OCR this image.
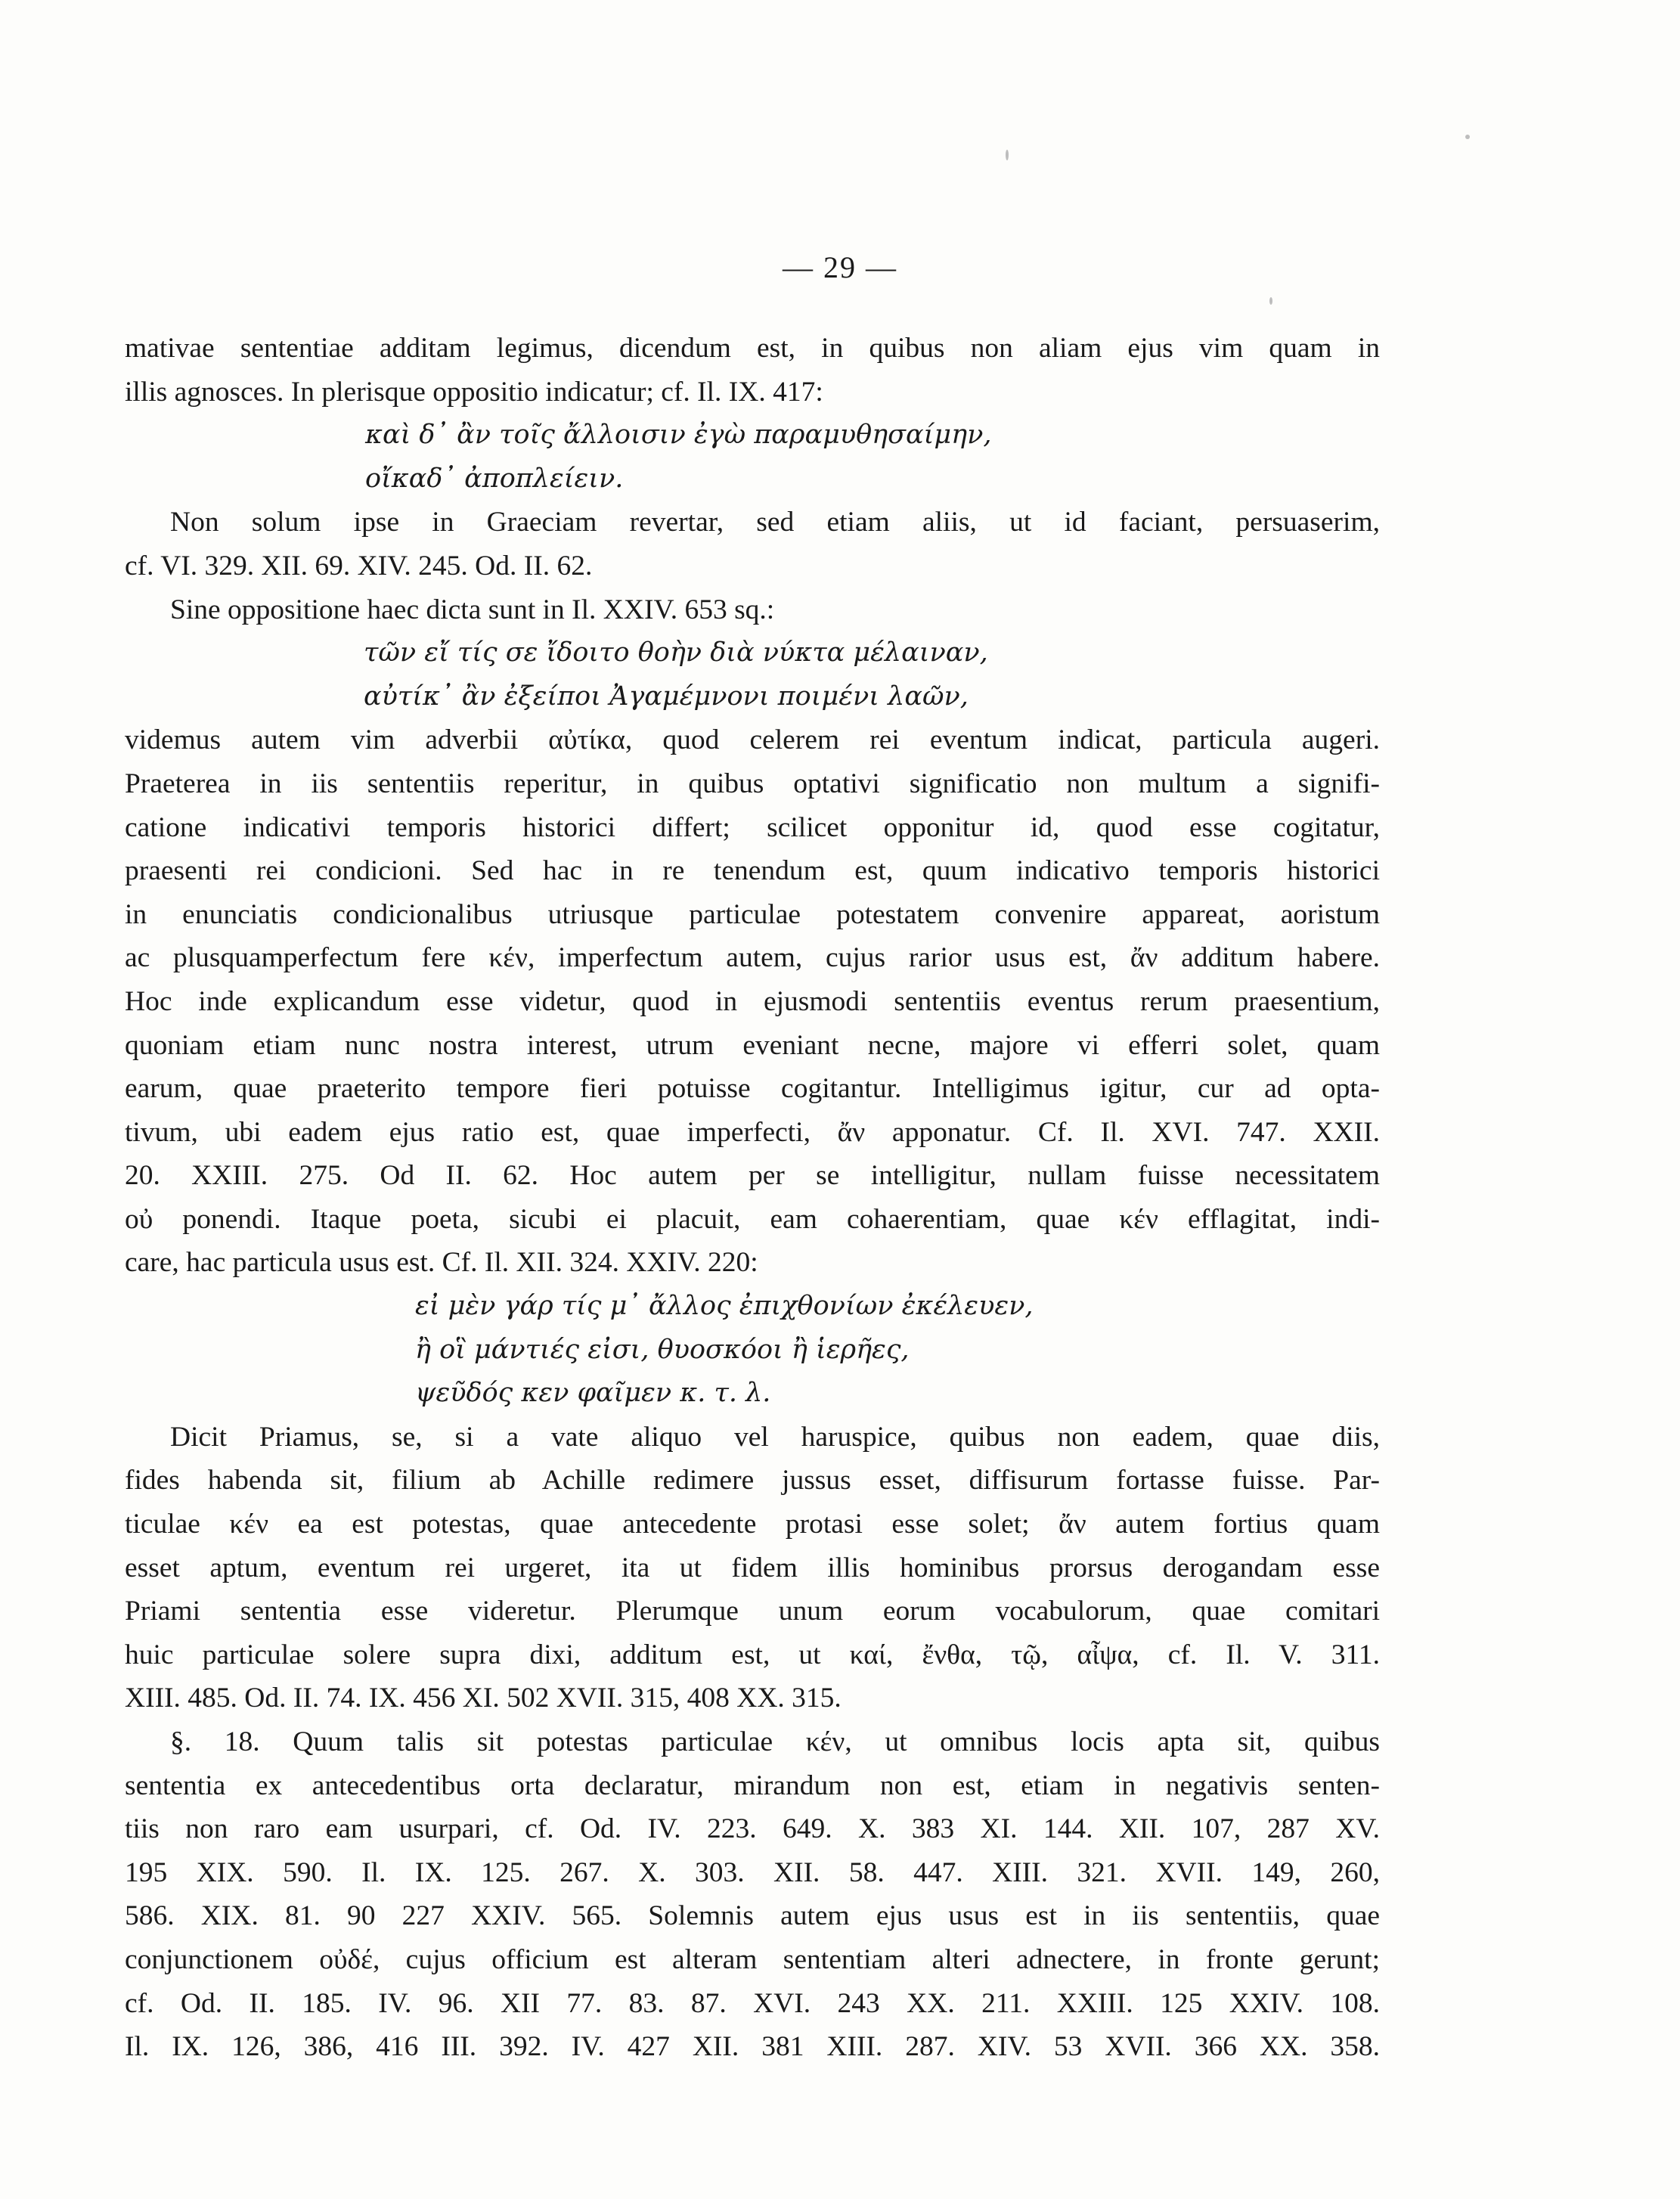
— 29 —
mativae sententiae additam legimus, dicendum est, in quibus non aliam ejus vim quam in
illis agnosces. In plerisque oppositio indicatur; cf. Il. IX. 417:
καὶ δ᾽ ἂν τοῖς ἄλλοισιν ἐγὼ παραμυθησαίμην,
οἴκαδ᾽ ἀποπλείειν.
Non solum ipse in Graeciam revertar, sed etiam aliis, ut id faciant, persuaserim,
cf. VI. 329. XII. 69. XIV. 245. Od. II. 62.
Sine oppositione haec dicta sunt in Il. XXIV. 653 sq.:
τῶν εἴ τίς σε ἴδοιτο θοὴν διὰ νύκτα μέλαιναν,
αὐτίκ᾽ ἂν ἐξείποι Ἀγαμέμνονι ποιμένι λαῶν,
videmus autem vim adverbii αὐτίκα, quod celerem rei eventum indicat, particula augeri.
Praeterea in iis sententiis reperitur, in quibus optativi significatio non multum a signifi-
catione indicativi temporis historici differt; scilicet opponitur id, quod esse cogitatur,
praesenti rei condicioni. Sed hac in re tenendum est, quum indicativo temporis historici
in enunciatis condicionalibus utriusque particulae potestatem convenire appareat, aoristum
ac plusquamperfectum fere κέν, imperfectum autem, cujus rarior usus est, ἄν additum habere.
Hoc inde explicandum esse videtur, quod in ejusmodi sententiis eventus rerum praesentium,
quoniam etiam nunc nostra interest, utrum eveniant necne, majore vi efferri solet, quam
earum, quae praeterito tempore fieri potuisse cogitantur. Intelligimus igitur, cur ad opta-
tivum, ubi eadem ejus ratio est, quae imperfecti, ἄν apponatur. Cf. Il. XVI. 747. XXII.
20. XXIII. 275. Od II. 62. Hoc autem per se intelligitur, nullam fuisse necessitatem
οὐ ponendi. Itaque poeta, sicubi ei placuit, eam cohaerentiam, quae κέν efflagitat, indi-
care, hac particula usus est. Cf. Il. XII. 324. XXIV. 220:
εἰ μὲν γάρ τίς μ᾽ ἄλλος ἐπιχθονίων ἐκέλευεν,
ἢ οἳ μάντιές εἰσι, θυοσκόοι ἢ ἱερῆες,
ψεῦδός κεν φαῖμεν κ. τ. λ.
Dicit Priamus, se, si a vate aliquo vel haruspice, quibus non eadem, quae diis,
fides habenda sit, filium ab Achille redimere jussus esset, diffisurum fortasse fuisse. Par-
ticulae κέν ea est potestas, quae antecedente protasi esse solet; ἄν autem fortius quam
esset aptum, eventum rei urgeret, ita ut fidem illis hominibus prorsus derogandam esse
Priami sententia esse videretur. Plerumque unum eorum vocabulorum, quae comitari
huic particulae solere supra dixi, additum est, ut καί, ἔνθα, τῷ, αἶψα, cf. Il. V. 311.
XIII. 485. Od. II. 74. IX. 456 XI. 502 XVII. 315, 408 XX. 315.
§. 18. Quum talis sit potestas particulae κέν, ut omnibus locis apta sit, quibus
sententia ex antecedentibus orta declaratur, mirandum non est, etiam in negativis senten-
tiis non raro eam usurpari, cf. Od. IV. 223. 649. X. 383 XI. 144. XII. 107, 287 XV.
195 XIX. 590. Il. IX. 125. 267. X. 303. XII. 58. 447. XIII. 321. XVII. 149, 260,
586. XIX. 81. 90 227 XXIV. 565. Solemnis autem ejus usus est in iis sententiis, quae
conjunctionem οὐδέ, cujus officium est alteram sententiam alteri adnectere, in fronte gerunt;
cf. Od. II. 185. IV. 96. XII 77. 83. 87. XVI. 243 XX. 211. XXIII. 125 XXIV. 108.
Il. IX. 126, 386, 416 III. 392. IV. 427 XII. 381 XIII. 287. XIV. 53 XVII. 366 XX. 358.
